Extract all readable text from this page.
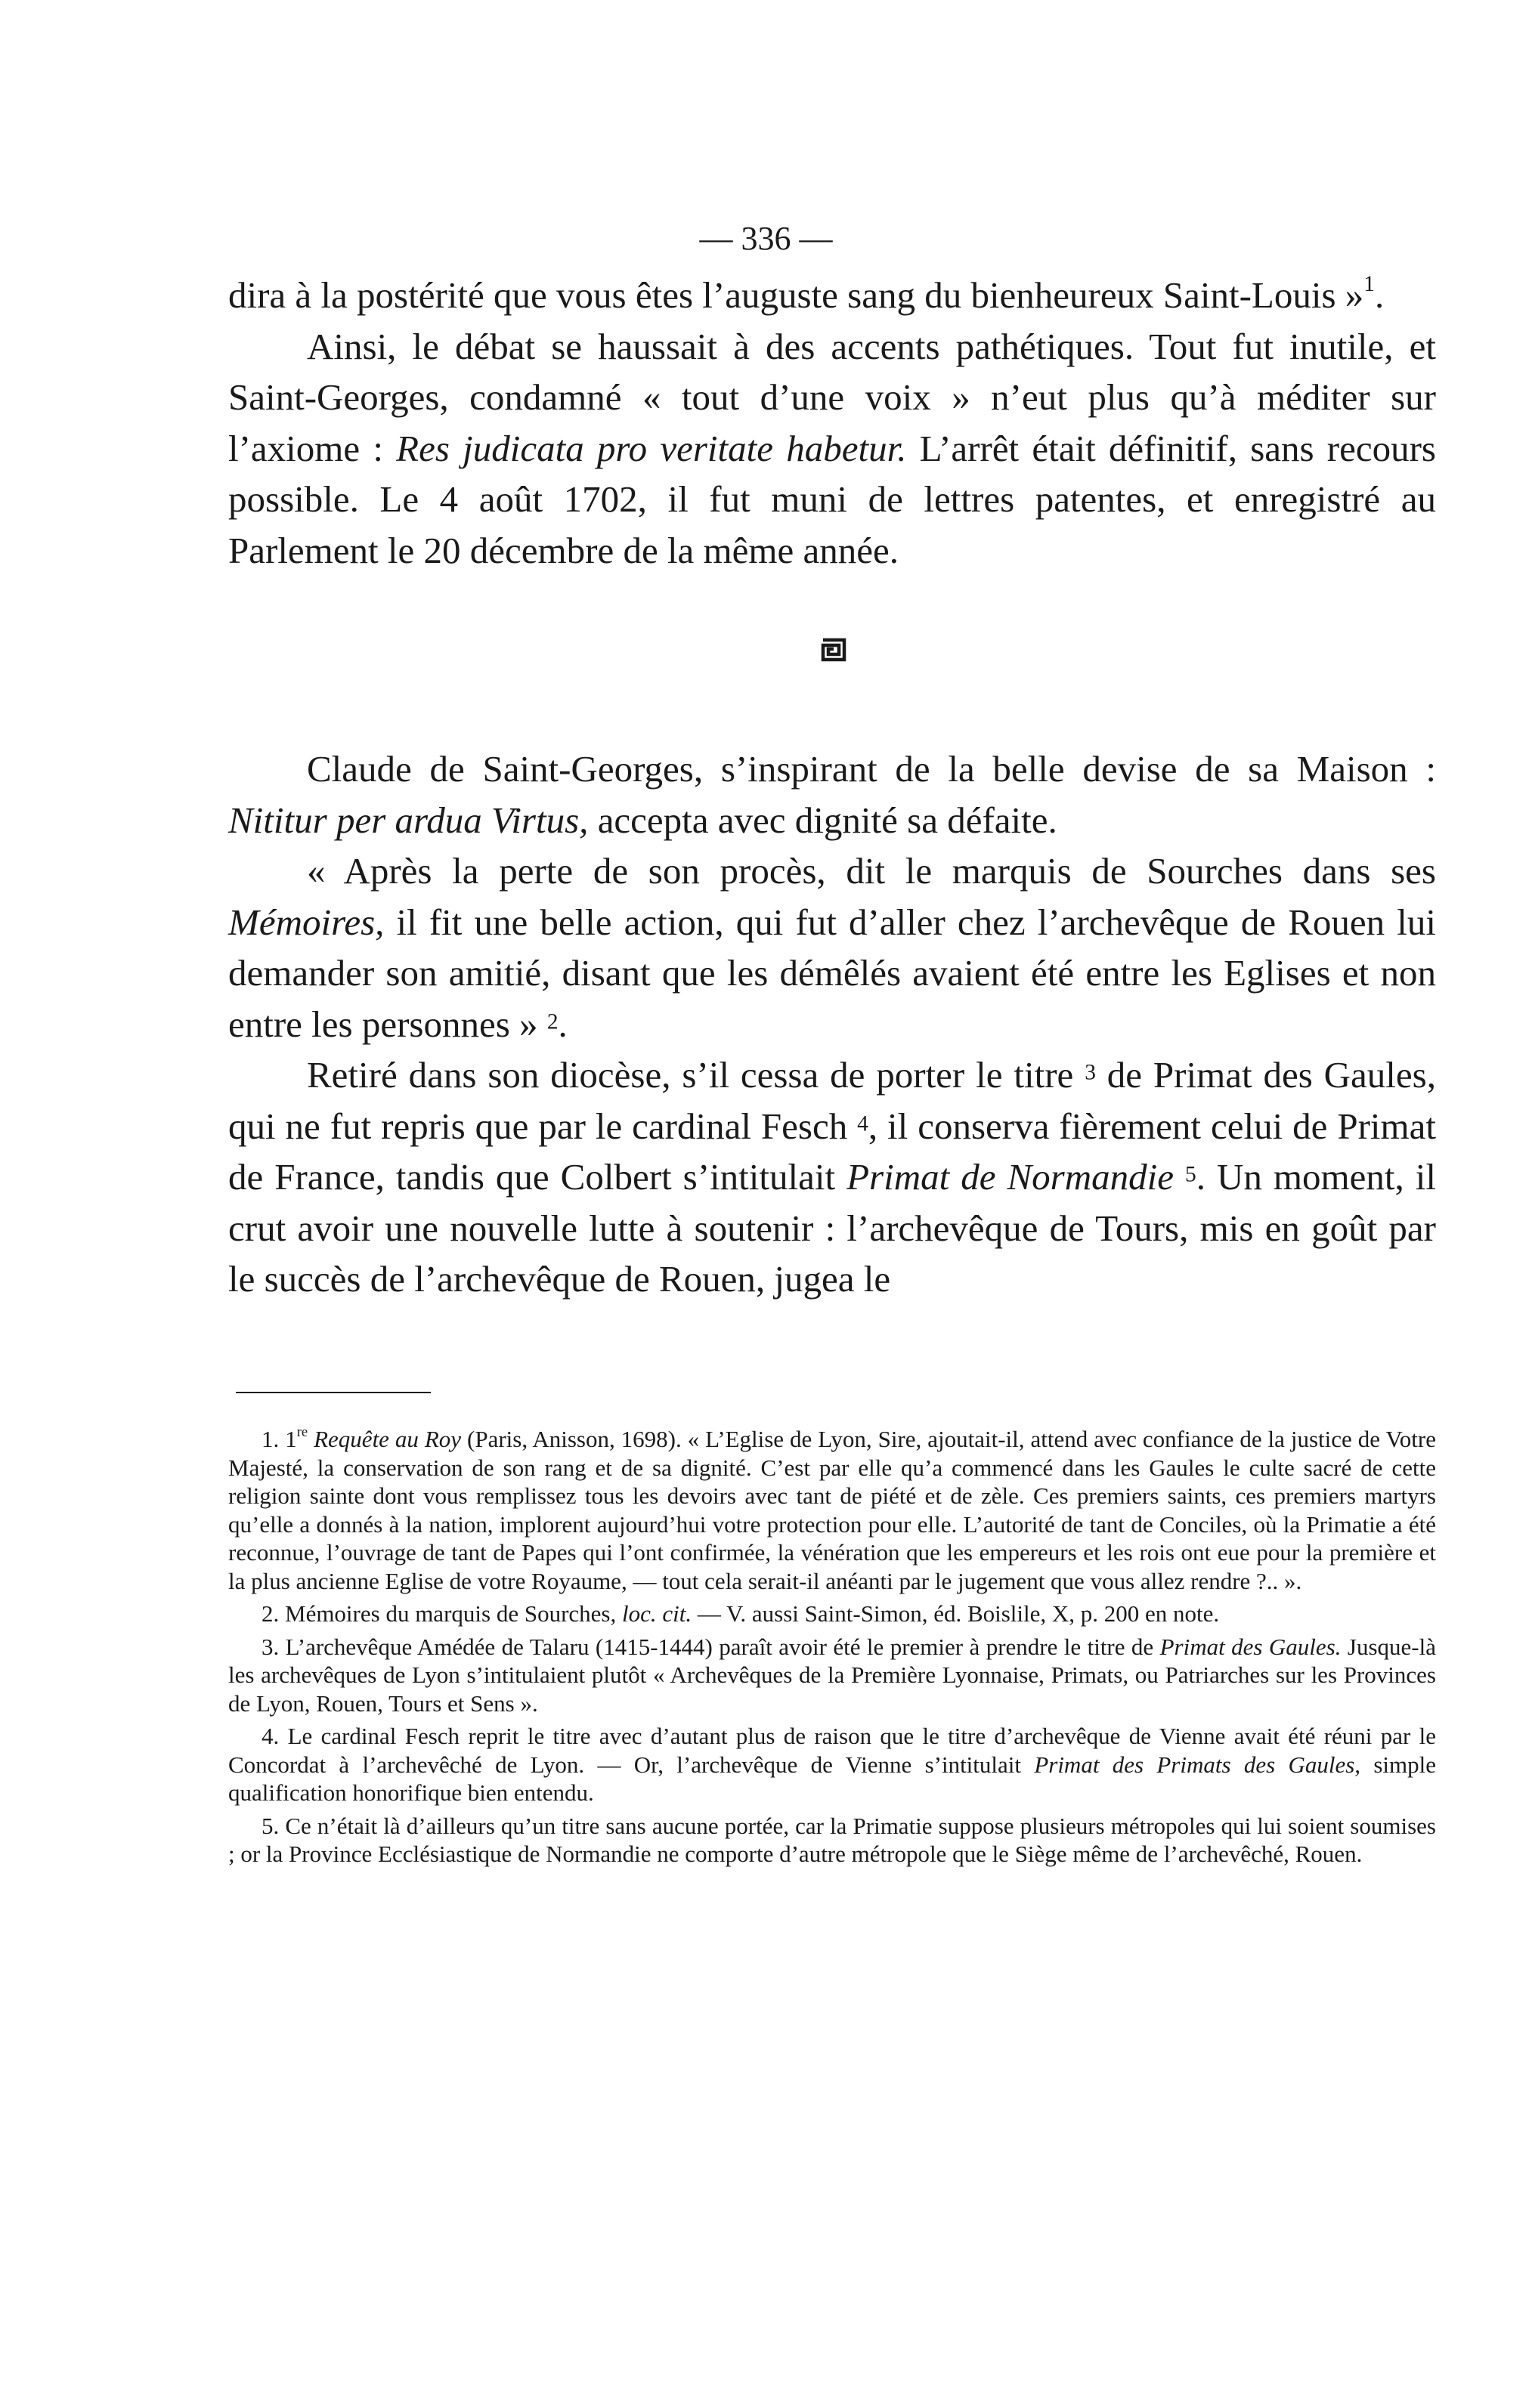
— 336 —

dira à la postérité que vous êtes l’auguste sang du bienheureux Saint-Louis »$^1$.

Ainsi, le débat se haussait à des accents pathétiques. Tout fut inutile, et Saint-Georges, condamné « tout d’une voix » n’eut plus qu’à méditer sur l’axiome : Res judicata pro veritate habetur. L’arrêt était définitif, sans recours possible. Le 4 août 1702, il fut muni de lettres patentes, et enregistré au Parlement le 20 décembre de la même année.

Claude de Saint-Georges, s’inspirant de la belle devise de sa Maison : Nititur per ardua Virtus, accepta avec dignité sa défaite.

« Après la perte de son procès, dit le marquis de Sourches dans ses Mémoires, il fit une belle action, qui fut d’aller chez l’archevêque de Rouen lui demander son amitié, disant que les démêlés avaient été entre les Eglises et non entre les personnes » $^2$.

Retiré dans son diocèse, s’il cessa de porter le titre $^3$ de Primat des Gaules, qui ne fut repris que par le cardinal Fesch $^4$, il conserva fièrement celui de Primat de France, tandis que Colbert s’intitulait Primat de Normandie $^5$. Un moment, il crut avoir une nouvelle lutte à soutenir : l’archevêque de Tours, mis en goût par le succès de l’archevêque de Rouen, jugea le

1. 1re Requête au Roy (Paris, Anisson, 1698). « L’Eglise de Lyon, Sire, ajoutait-il, attend avec confiance de la justice de Votre Majesté, la conservation de son rang et de sa dignité. C’est par elle qu’a commencé dans les Gaules le culte sacré de cette religion sainte dont vous remplissez tous les devoirs avec tant de piété et de zèle. Ces premiers saints, ces premiers martyrs qu’elle a donnés à la nation, implorent aujourd’hui votre protection pour elle. L’autorité de tant de Conciles, où la Primatie a été reconnue, l’ouvrage de tant de Papes qui l’ont confirmée, la vénération que les empereurs et les rois ont eue pour la première et la plus ancienne Eglise de votre Royaume, — tout cela serait-il anéanti par le jugement que vous allez rendre ?.. ».

2. Mémoires du marquis de Sourches, loc. cit. — V. aussi Saint-Simon, éd. Boislile, X, p. 200 en note.

3. L’archevêque Amédée de Talaru (1415-1444) paraît avoir été le premier à prendre le titre de Primat des Gaules. Jusque-là les archevêques de Lyon s’intitulaient plutôt « Archevêques de la Première Lyonnaise, Primats, ou Patriarches sur les Provinces de Lyon, Rouen, Tours et Sens ».

4. Le cardinal Fesch reprit le titre avec d’autant plus de raison que le titre d’archevêque de Vienne avait été réuni par le Concordat à l’archevêché de Lyon. — Or, l’archevêque de Vienne s’intitulait Primat des Primats des Gaules, simple qualification honorifique bien entendu.

5. Ce n’était là d’ailleurs qu’un titre sans aucune portée, car la Primatie suppose plusieurs métropoles qui lui soient soumises ; or la Province Ecclésiastique de Normandie ne comporte d’autre métropole que le Siège même de l’archevêché, Rouen.
